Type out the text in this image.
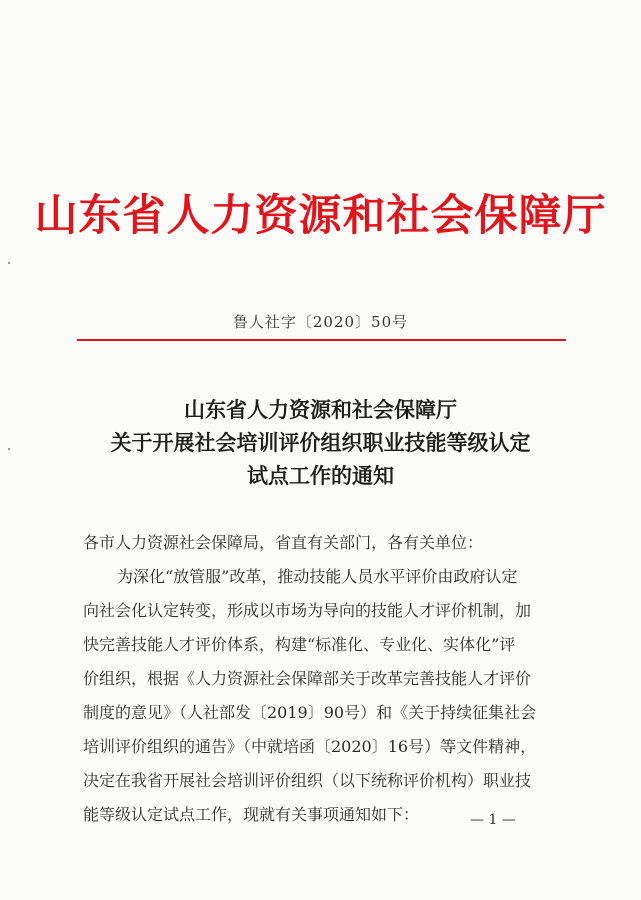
山东省人力资源和社会保障厅
鲁人社字〔2020〕50号
山东省人力资源和社会保障厅
关于开展社会培训评价组织职业技能等级认定
试点工作的通知
各市人力资源社会保障局，省直有关部门，各有关单位：
为深化“放管服”改革，推动技能人员水平评价由政府认定
向社会化认定转变，形成以市场为导向的技能人才评价机制，加
快完善技能人才评价体系，构建“标准化、专业化、实体化”评
价组织，根据《人力资源社会保障部关于改革完善技能人才评价
制度的意见》（人社部发〔2019〕90号）和《关于持续征集社会
培训评价组织的通告》（中就培函〔2020〕16号）等文件精神，
决定在我省开展社会培训评价组织（以下统称评价机构）职业技
能等级认定试点工作，现就有关事项通知如下：	— 1 —
